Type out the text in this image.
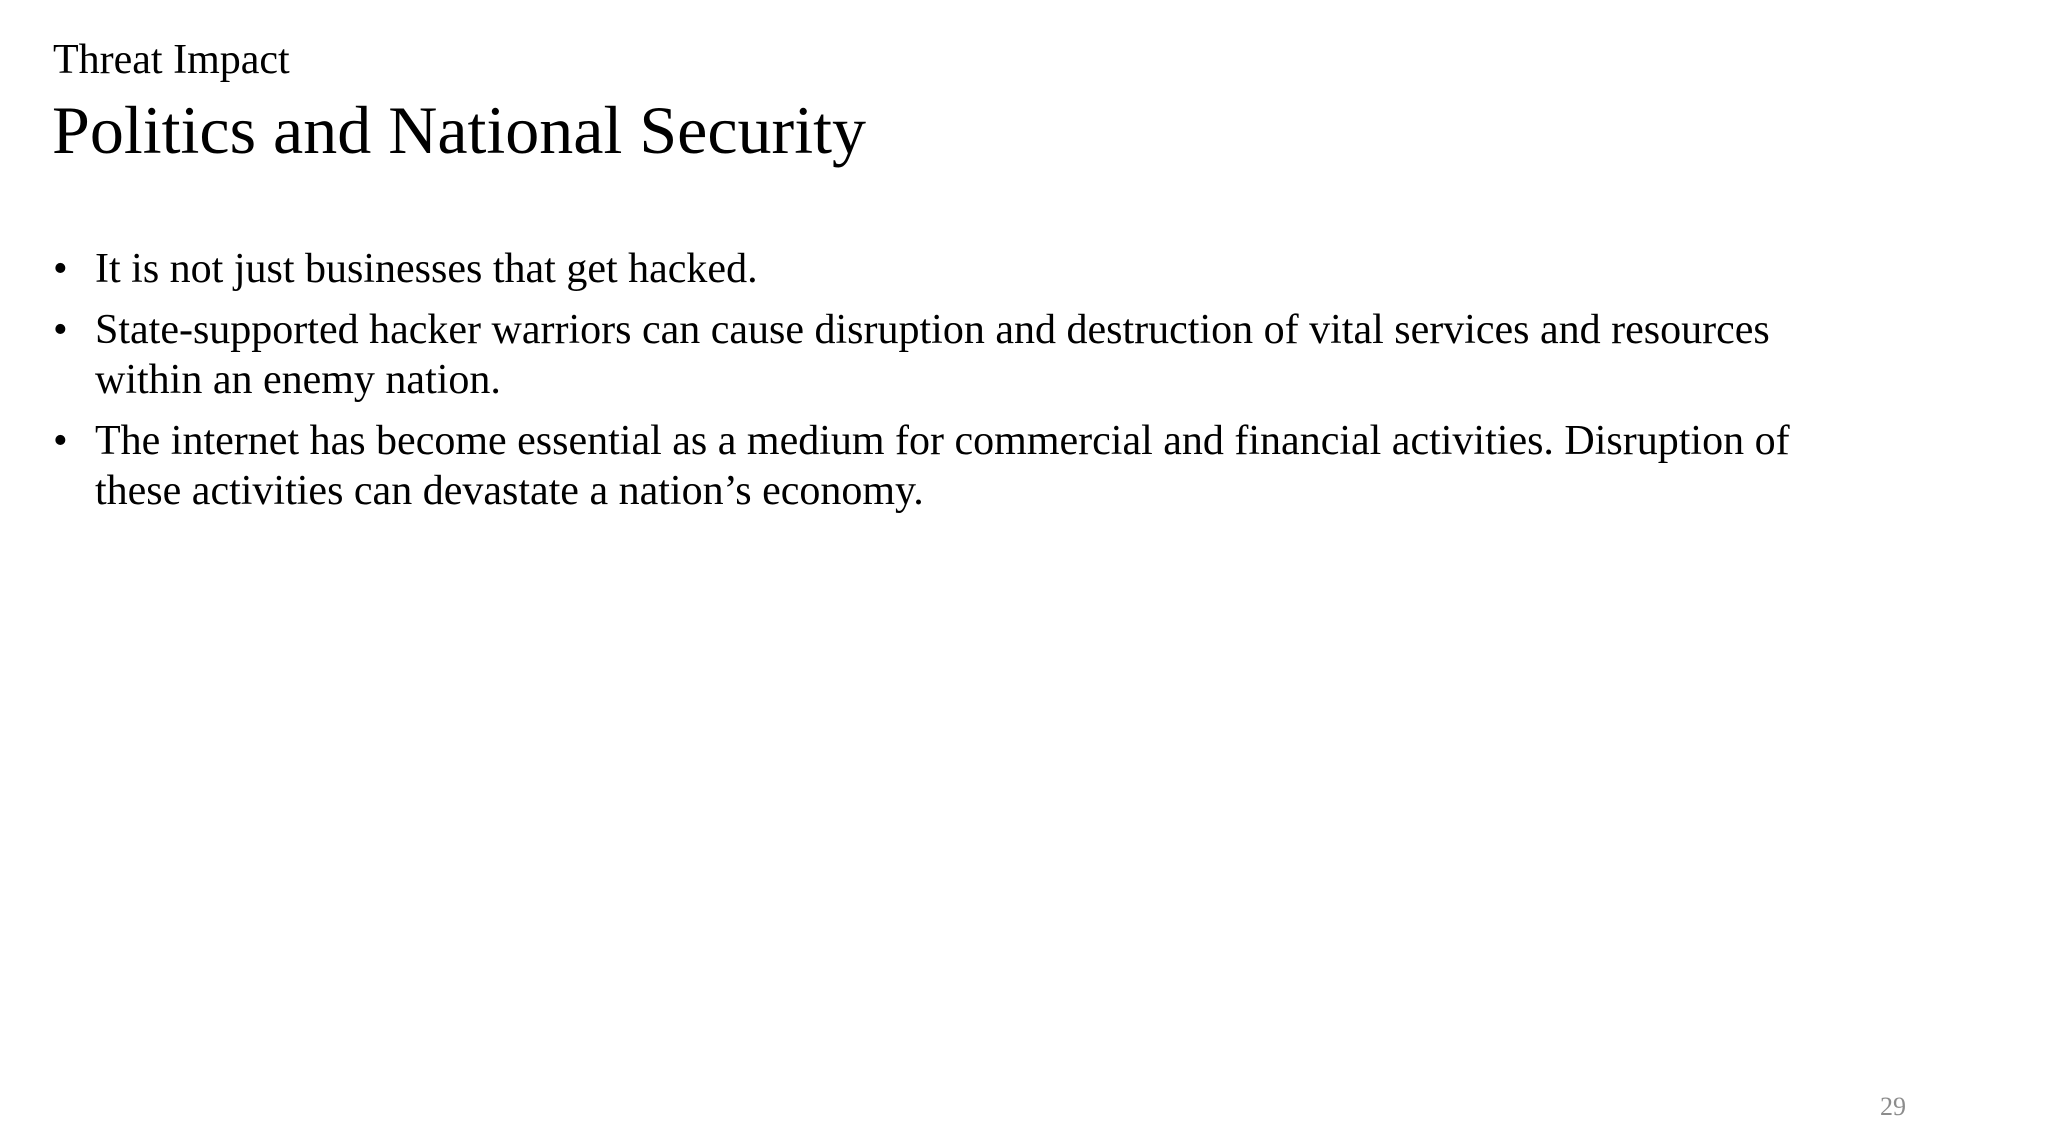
Threat Impact
Politics and National Security
• It is not just businesses that get hacked.
• State-supported hacker warriors can cause disruption and destruction of vital services and resources within an enemy nation.
• The internet has become essential as a medium for commercial and financial activities. Disruption of these activities can devastate a nation’s economy.
29
